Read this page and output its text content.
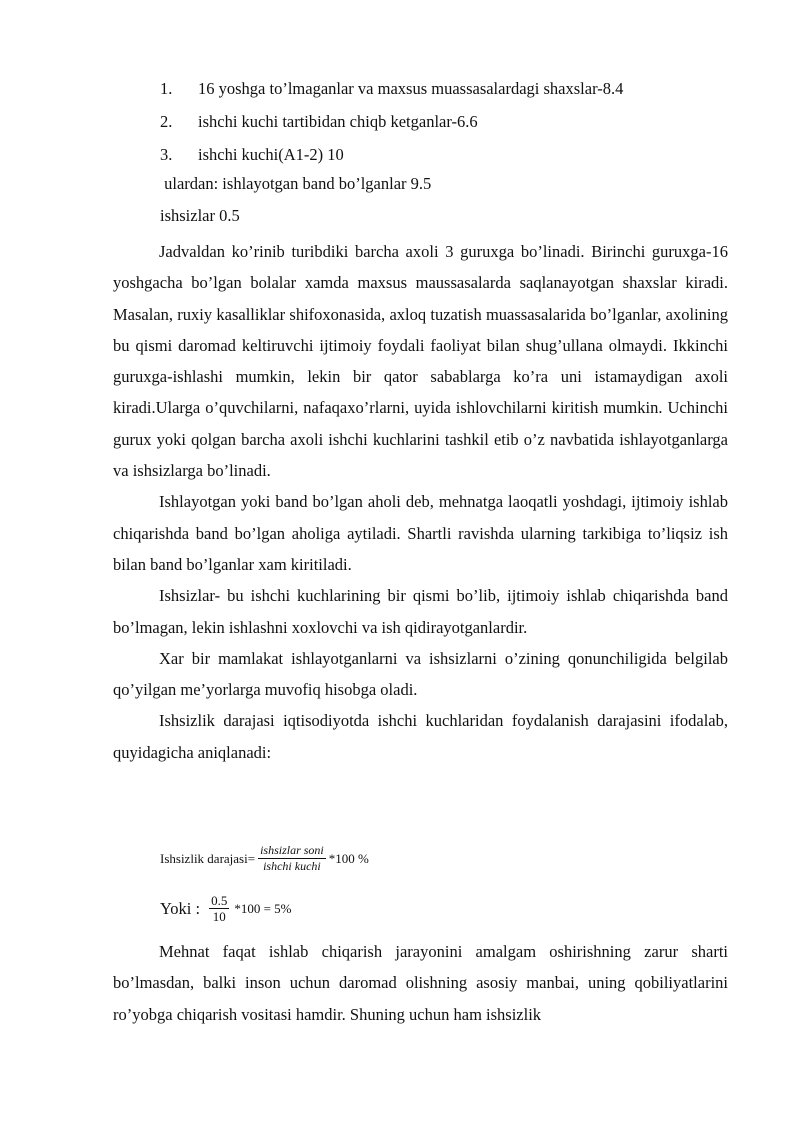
1.	16 yoshga to’lmaganlar va maxsus muassasalardagi shaxslar-8.4
2.	ishchi kuchi tartibidan chiqb ketganlar-6.6
3.	ishchi kuchi(A1-2) 10
ulardan: ishlayotgan band bo’lganlar 9.5
ishsizlar 0.5

Jadvaldan ko’rinib turibdiki barcha axoli 3 guruxga bo’linadi. Birinchi guruxga-16 yoshgacha bo’lgan bolalar xamda maxsus maussasalarda saqlanayotgan shaxslar kiradi. Masalan, ruxiy kasalliklar shifoxonasida, axloq tuzatish muassasalarida bo’lganlar, axolining bu qismi daromad keltiruvchi ijtimoiy foydali faoliyat bilan shug’ullana olmaydi. Ikkinchi guruxga-ishlashi mumkin, lekin bir qator sabablarga ko’ra uni istamaydigan axoli kiradi.Ularga o’quvchilarni, nafaqaxo’rlarni, uyida ishlovchilarni kiritish mumkin. Uchinchi gurux yoki qolgan barcha axoli ishchi kuchlarini tashkil etib o’z navbatida ishlayotganlarga va ishsizlarga bo’linadi.

Ishlayotgan yoki band bo’lgan aholi deb, mehnatga laoqatli yoshdagi, ijtimoiy ishlab chiqarishda band bo’lgan aholiga aytiladi. Shartli ravishda ularning tarkibiga to’liqsiz ish bilan band bo’lganlar xam kiritiladi.

Ishsizlar- bu ishchi kuchlarining bir qismi bo’lib, ijtimoiy ishlab chiqarishda band bo’lmagan, lekin ishlashni xoxlovchi va ish qidirayotganlardir.

Xar bir mamlakat ishlayotganlarni va ishsizlarni o’zining qonunchiligida belgilab qo’yilgan me’yorlarga muvofiq hisobga oladi.

Ishsizlik darajasi iqtisodiyotda ishchi kuchlaridan foydalanish darajasini ifodalab, quyidagicha aniqlanadi:

Ishsizlik darajasi= $\frac{\text{ishsizlar soni}}{\text{ishchi kuchi}} *100$ %
Yoki : $\frac{0.5}{10} *100 = 5\%$

Mehnat faqat ishlab chiqarish jarayonini amalgam oshirishning zarur sharti bo’lmasdan, balki inson uchun daromad olishning asosiy manbai, uning qobiliyatlarini ro’yobga chiqarish vositasi hamdir. Shuning uchun ham ishsizlik
